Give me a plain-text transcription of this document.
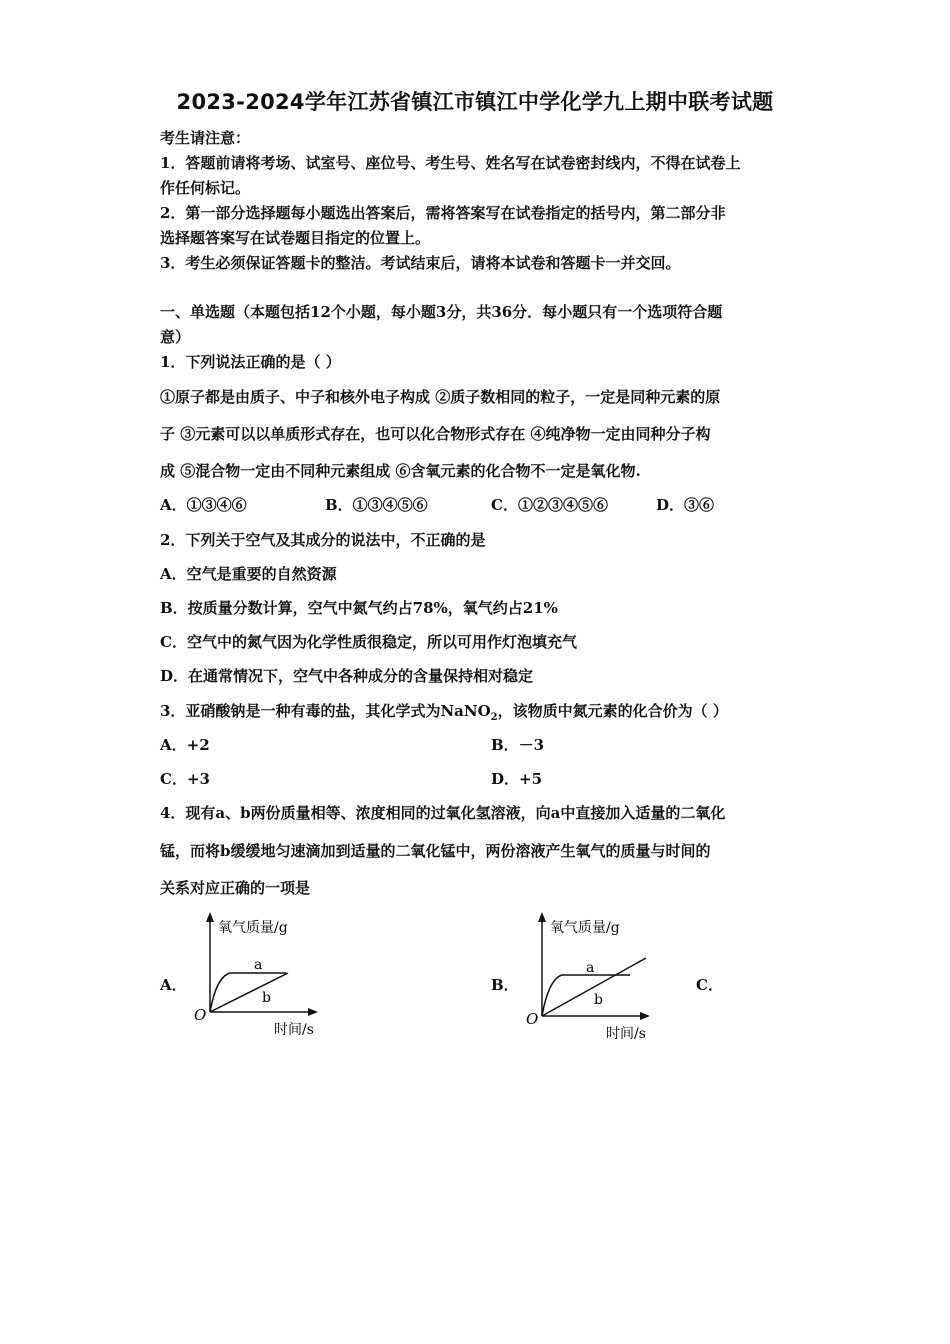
2023-2024学年江苏省镇江市镇江中学化学九上期中联考试题
考生请注意：
1．答题前请将考场、试室号、座位号、考生号、姓名写在试卷密封线内，不得在试卷上
作任何标记。
2．第一部分选择题每小题选出答案后，需将答案写在试卷指定的括号内，第二部分非
选择题答案写在试卷题目指定的位置上。
3．考生必须保证答题卡的整洁。考试结束后，请将本试卷和答题卡一并交回。
一、单选题（本题包括12个小题，每小题3分，共36分．每小题只有一个选项符合题
意）
1．下列说法正确的是（ ）
①原子都是由质子、中子和核外电子构成 ②质子数相同的粒子，一定是同种元素的原
子 ③元素可以以单质形式存在，也可以化合物形式存在 ④纯净物一定由同种分子构
成 ⑤混合物一定由不同种元素组成 ⑥含氧元素的化合物不一定是氧化物.
A．①③④⑥	B．①③④⑤⑥	C．①②③④⑤⑥	D．③⑥
2．下列关于空气及其成分的说法中，不正确的是
A．空气是重要的自然资源
B．按质量分数计算，空气中氮气约占78%，氧气约占21%
C．空气中的氮气因为化学性质很稳定，所以可用作灯泡填充气
D．在通常情况下，空气中各种成分的含量保持相对稳定
3．亚硝酸钠是一种有毒的盐，其化学式为NaNO$_2$，该物质中氮元素的化合价为（ ）
A．+2	B．－3
C．+3	D．+5
4．现有a、b两份质量相等、浓度相同的过氧化氢溶液，向a中直接加入适量的二氧化
锰，而将b缓缓地匀速滴加到适量的二氧化锰中，两份溶液产生氧气的质量与时间的
关系对应正确的一项是
A．	B．	C．
氧气质量/g
时间/s
O
a
b
氧气质量/g
时间/s
O
a
b
